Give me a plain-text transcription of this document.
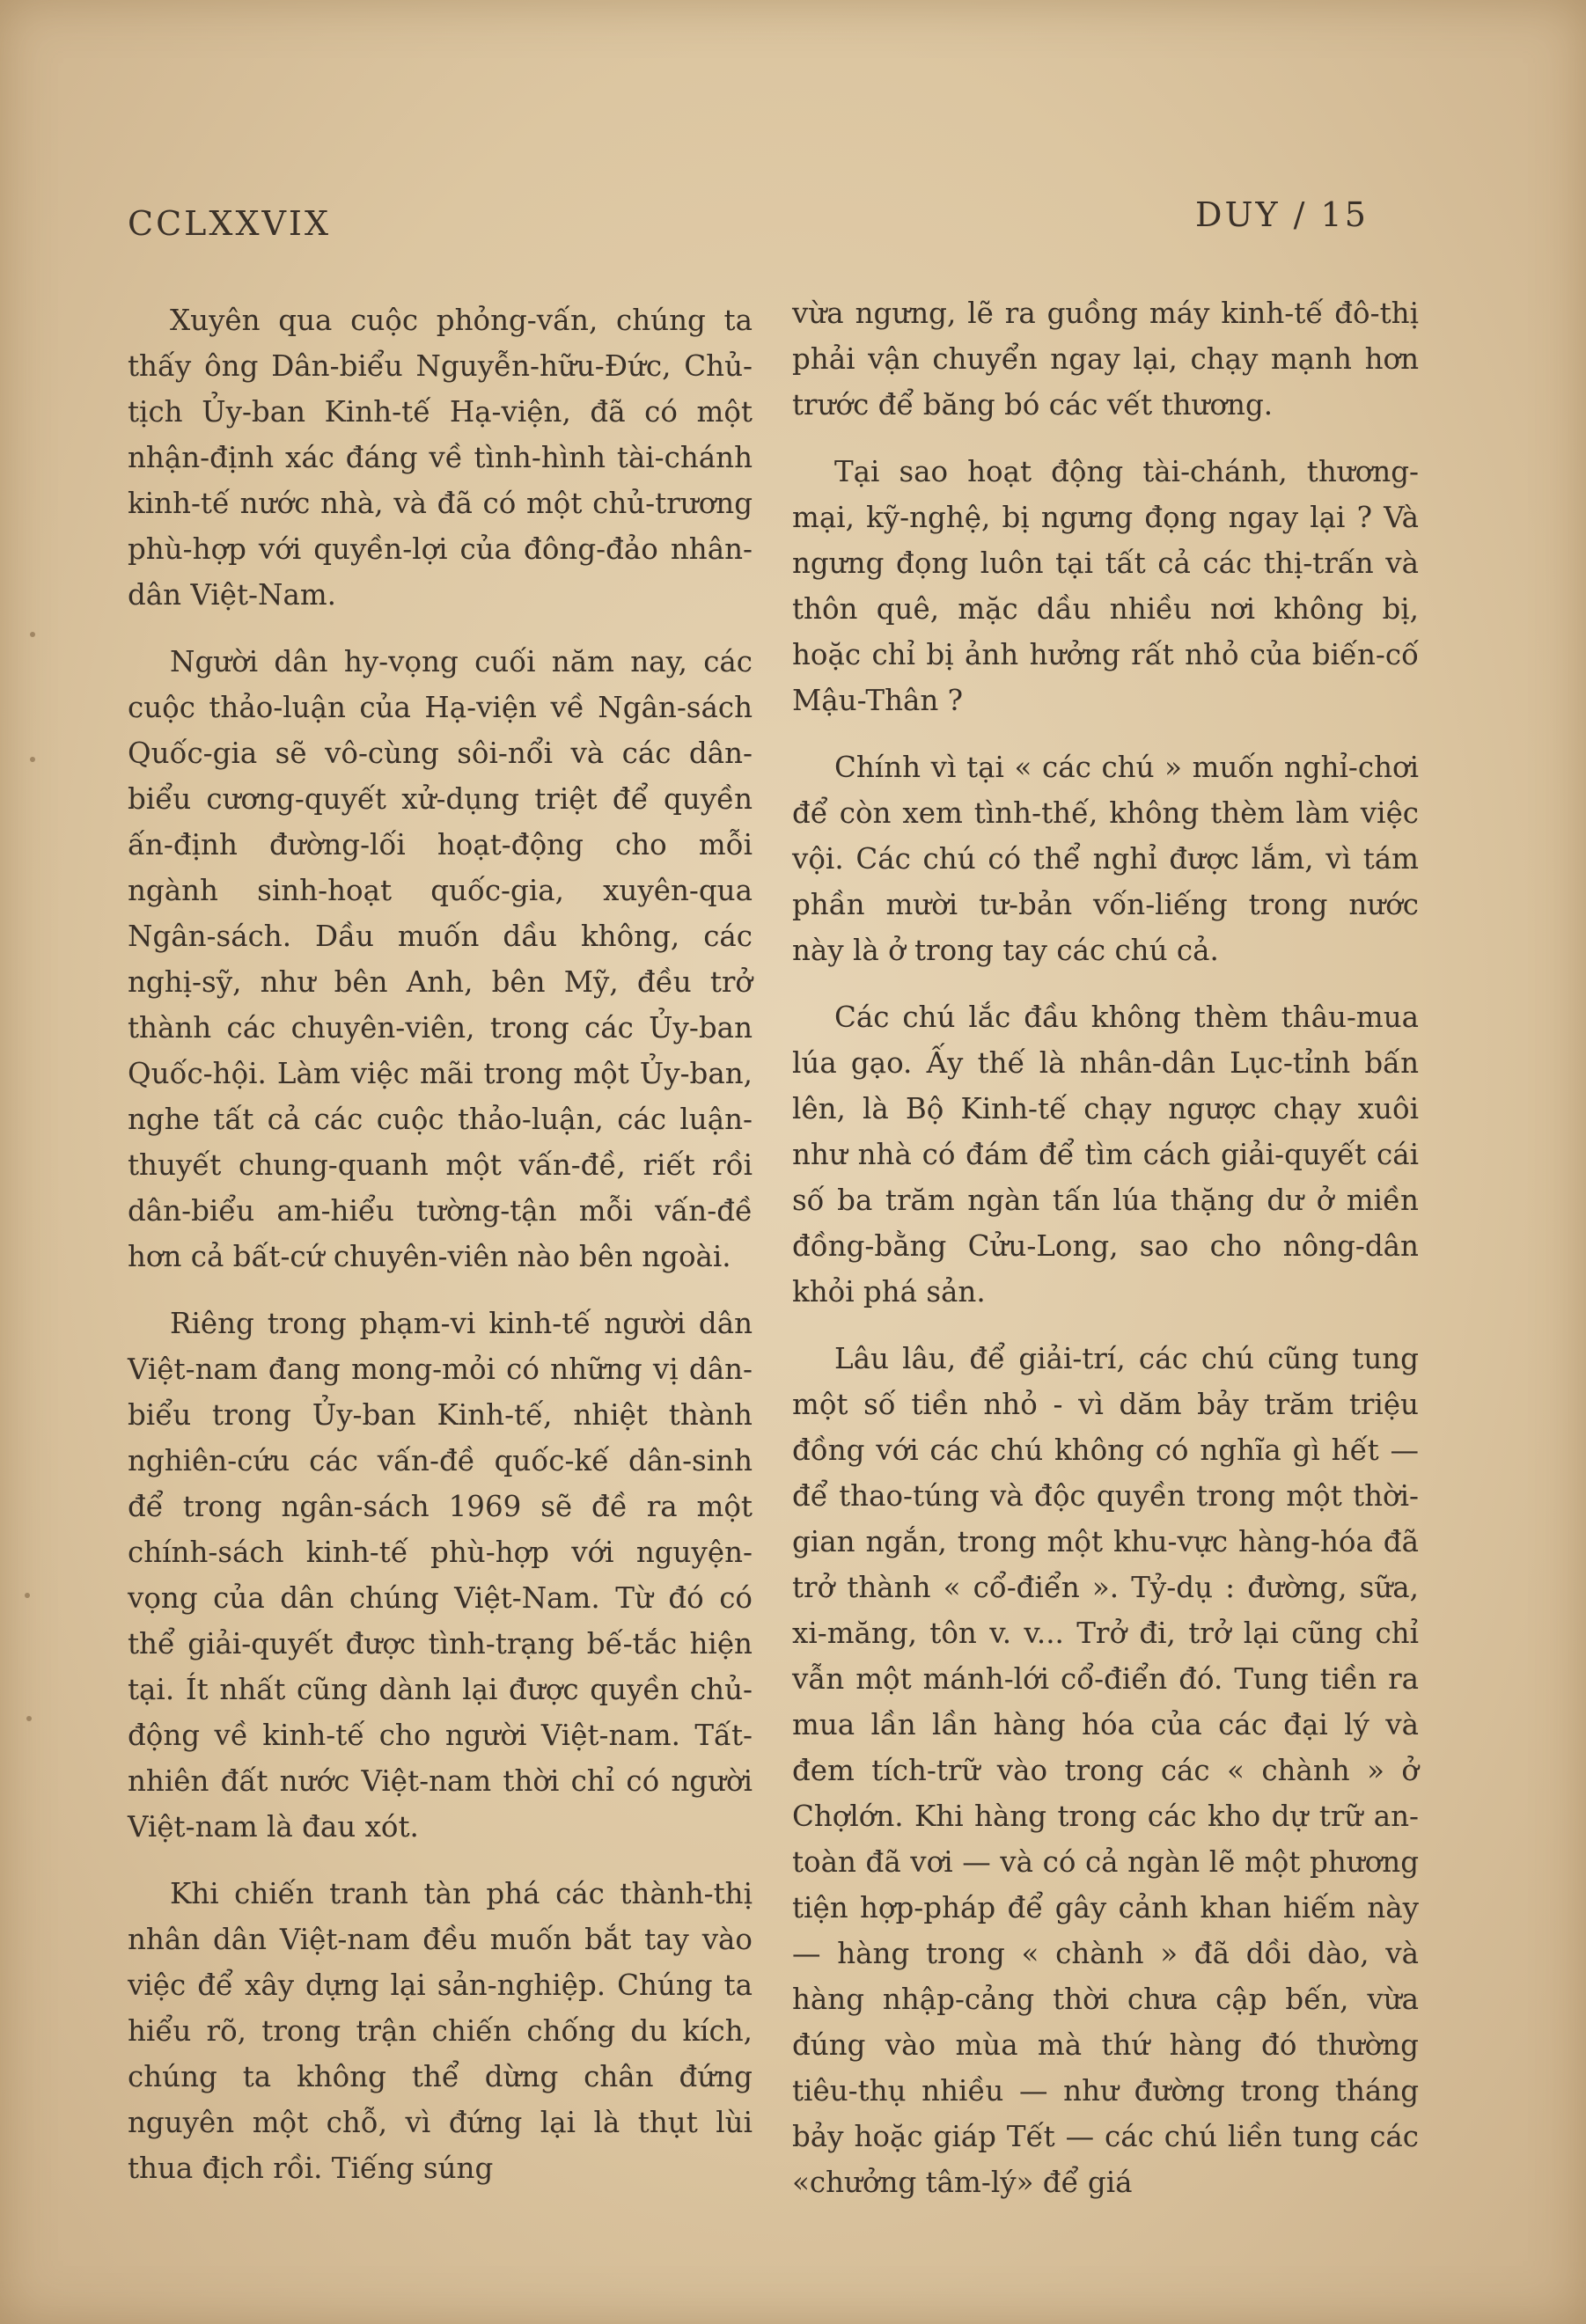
CCLXXVIX	DUY / 15

Xuyên qua cuộc phỏng-vấn, chúng ta thấy ông Dân-biểu Nguyễn-hữu-Đức, Chủ-tịch Ủy-ban Kinh-tế Hạ-viện, đã có một nhận-định xác đáng về tình-hình tài-chánh kinh-tế nước nhà, và đã có một chủ-trương phù-hợp với quyền-lợi của đông-đảo nhân-dân Việt-Nam.

Người dân hy-vọng cuối năm nay, các cuộc thảo-luận của Hạ-viện về Ngân-sách Quốc-gia sẽ vô-cùng sôi-nổi và các dân-biểu cương-quyết xử-dụng triệt để quyền ấn-định đường-lối hoạt-động cho mỗi ngành sinh-hoạt quốc-gia, xuyên-qua Ngân-sách. Dầu muốn dầu không, các nghị-sỹ, như bên Anh, bên Mỹ, đều trở thành các chuyên-viên, trong các Ủy-ban Quốc-hội. Làm việc mãi trong một Ủy-ban, nghe tất cả các cuộc thảo-luận, các luận-thuyết chung-quanh một vấn-đề, riết rồi dân-biểu am-hiểu tường-tận mỗi vấn-đề hơn cả bất-cứ chuyên-viên nào bên ngoài.

Riêng trong phạm-vi kinh-tế người dân Việt-nam đang mong-mỏi có những vị dân-biểu trong Ủy-ban Kinh-tế, nhiệt thành nghiên-cứu các vấn-đề quốc-kế dân-sinh để trong ngân-sách 1969 sẽ đề ra một chính-sách kinh-tế phù-hợp với nguyện-vọng của dân chúng Việt-Nam. Từ đó có thể giải-quyết được tình-trạng bế-tắc hiện tại. Ít nhất cũng dành lại được quyền chủ-động về kinh-tế cho người Việt-nam. Tất-nhiên đất nước Việt-nam thời chỉ có người Việt-nam là đau xót.

Khi chiến tranh tàn phá các thành-thị nhân dân Việt-nam đều muốn bắt tay vào việc để xây dựng lại sản-nghiệp. Chúng ta hiểu rõ, trong trận chiến chống du kích, chúng ta không thể dừng chân đứng nguyên một chỗ, vì đứng lại là thụt lùi thua địch rồi. Tiếng súng

vừa ngưng, lẽ ra guồng máy kinh-tế đô-thị phải vận chuyển ngay lại, chạy mạnh hơn trước để băng bó các vết thương.

Tại sao hoạt động tài-chánh, thương-mại, kỹ-nghệ, bị ngưng đọng ngay lại ? Và ngưng đọng luôn tại tất cả các thị-trấn và thôn quê, mặc dầu nhiều nơi không bị, hoặc chỉ bị ảnh hưởng rất nhỏ của biến-cố Mậu-Thân ?

Chính vì tại « các chú » muốn nghỉ-chơi để còn xem tình-thế, không thèm làm việc vội. Các chú có thể nghỉ được lắm, vì tám phần mười tư-bản vốn-liếng trong nước này là ở trong tay các chú cả.

Các chú lắc đầu không thèm thâu-mua lúa gạo. Ấy thế là nhân-dân Lục-tỉnh bấn lên, là Bộ Kinh-tế chạy ngược chạy xuôi như nhà có đám để tìm cách giải-quyết cái số ba trăm ngàn tấn lúa thặng dư ở miền đồng-bằng Cửu-Long, sao cho nông-dân khỏi phá sản.

Lâu lâu, để giải-trí, các chú cũng tung một số tiền nhỏ - vì dăm bảy trăm triệu đồng với các chú không có nghĩa gì hết — để thao-túng và độc quyền trong một thời-gian ngắn, trong một khu-vực hàng-hóa đã trở thành « cổ-điển ». Tỷ-dụ : đường, sữa, xi-măng, tôn v. v... Trở đi, trở lại cũng chỉ vẫn một mánh-lới cổ-điển đó. Tung tiền ra mua lần lần hàng hóa của các đại lý và đem tích-trữ vào trong các « chành » ở Chợlớn. Khi hàng trong các kho dự trữ an-toàn đã vơi — và có cả ngàn lẽ một phương tiện hợp-pháp để gây cảnh khan hiếm này — hàng trong « chành » đã dồi dào, và hàng nhập-cảng thời chưa cập bến, vừa đúng vào mùa mà thứ hàng đó thường tiêu-thụ nhiều — như đường trong tháng bảy hoặc giáp Tết — các chú liền tung các «chưởng tâm-lý» để giá
